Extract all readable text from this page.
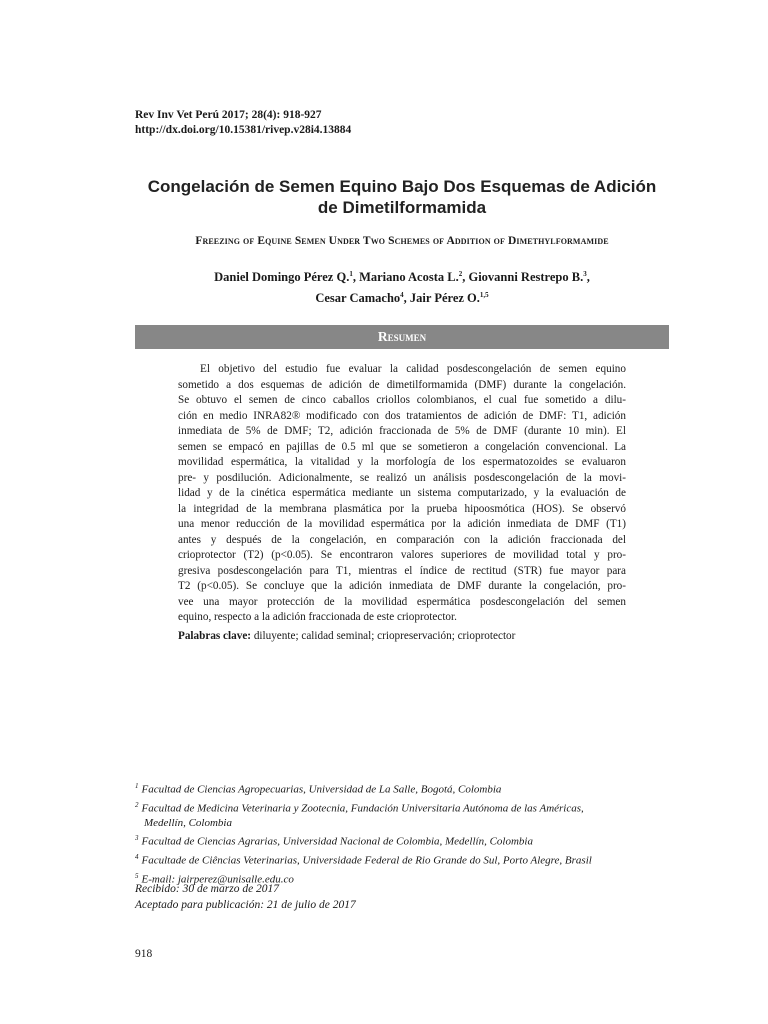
Rev Inv Vet Perú 2017; 28(4): 918-927
http://dx.doi.org/10.15381/rivep.v28i4.13884
Congelación de Semen Equino Bajo Dos Esquemas de Adición
de Dimetilformamida
Freezing of Equine Semen Under Two Schemes of Addition of Dimethylformamide
Daniel Domingo Pérez Q.$^1$, Mariano Acosta L.$^2$, Giovanni Restrepo B.$^3$,
Cesar Camacho$^4$, Jair Pérez O.$^{1,5}$
Resumen
El objetivo del estudio fue evaluar la calidad posdescongelación de semen equino
sometido a dos esquemas de adición de dimetilformamida (DMF) durante la congelación.
Se obtuvo el semen de cinco caballos criollos colombianos, el cual fue sometido a dilu-
ción en medio INRA82® modificado con dos tratamientos de adición de DMF: T1, adición
inmediata de 5% de DMF; T2, adición fraccionada de 5% de DMF (durante 10 min). El
semen se empacó en pajillas de 0.5 ml que se sometieron a congelación convencional. La
movilidad espermática, la vitalidad y la morfología de los espermatozoides se evaluaron
pre- y posdilución. Adicionalmente, se realizó un análisis posdescongelación de la movi-
lidad y de la cinética espermática mediante un sistema computarizado, y la evaluación de
la integridad de la membrana plasmática por la prueba hipoosmótica (HOS). Se observó
una menor reducción de la movilidad espermática por la adición inmediata de DMF (T1)
antes y después de la congelación, en comparación con la adición fraccionada del
crioprotector (T2) (p<0.05). Se encontraron valores superiores de movilidad total y pro-
gresiva posdescongelación para T1, mientras el índice de rectitud (STR) fue mayor para
T2 (p<0.05). Se concluye que la adición inmediata de DMF durante la congelación, pro-
vee una mayor protección de la movilidad espermática posdescongelación del semen
equino, respecto a la adición fraccionada de este crioprotector.
Palabras clave: diluyente; calidad seminal; criopreservación; crioprotector
$^1$ Facultad de Ciencias Agropecuarias, Universidad de La Salle, Bogotá, Colombia
$^2$ Facultad de Medicina Veterinaria y Zootecnia, Fundación Universitaria Autónoma de las Américas,
Medellín, Colombia
$^3$ Facultad de Ciencias Agrarias, Universidad Nacional de Colombia, Medellín, Colombia
$^4$ Facultade de Ciências Veterinarias, Universidade Federal de Rio Grande do Sul, Porto Alegre, Brasil
$^5$ E-mail: jairperez@unisalle.edu.co
Recibido: 30 de marzo de 2017
Aceptado para publicación: 21 de julio de 2017
918
